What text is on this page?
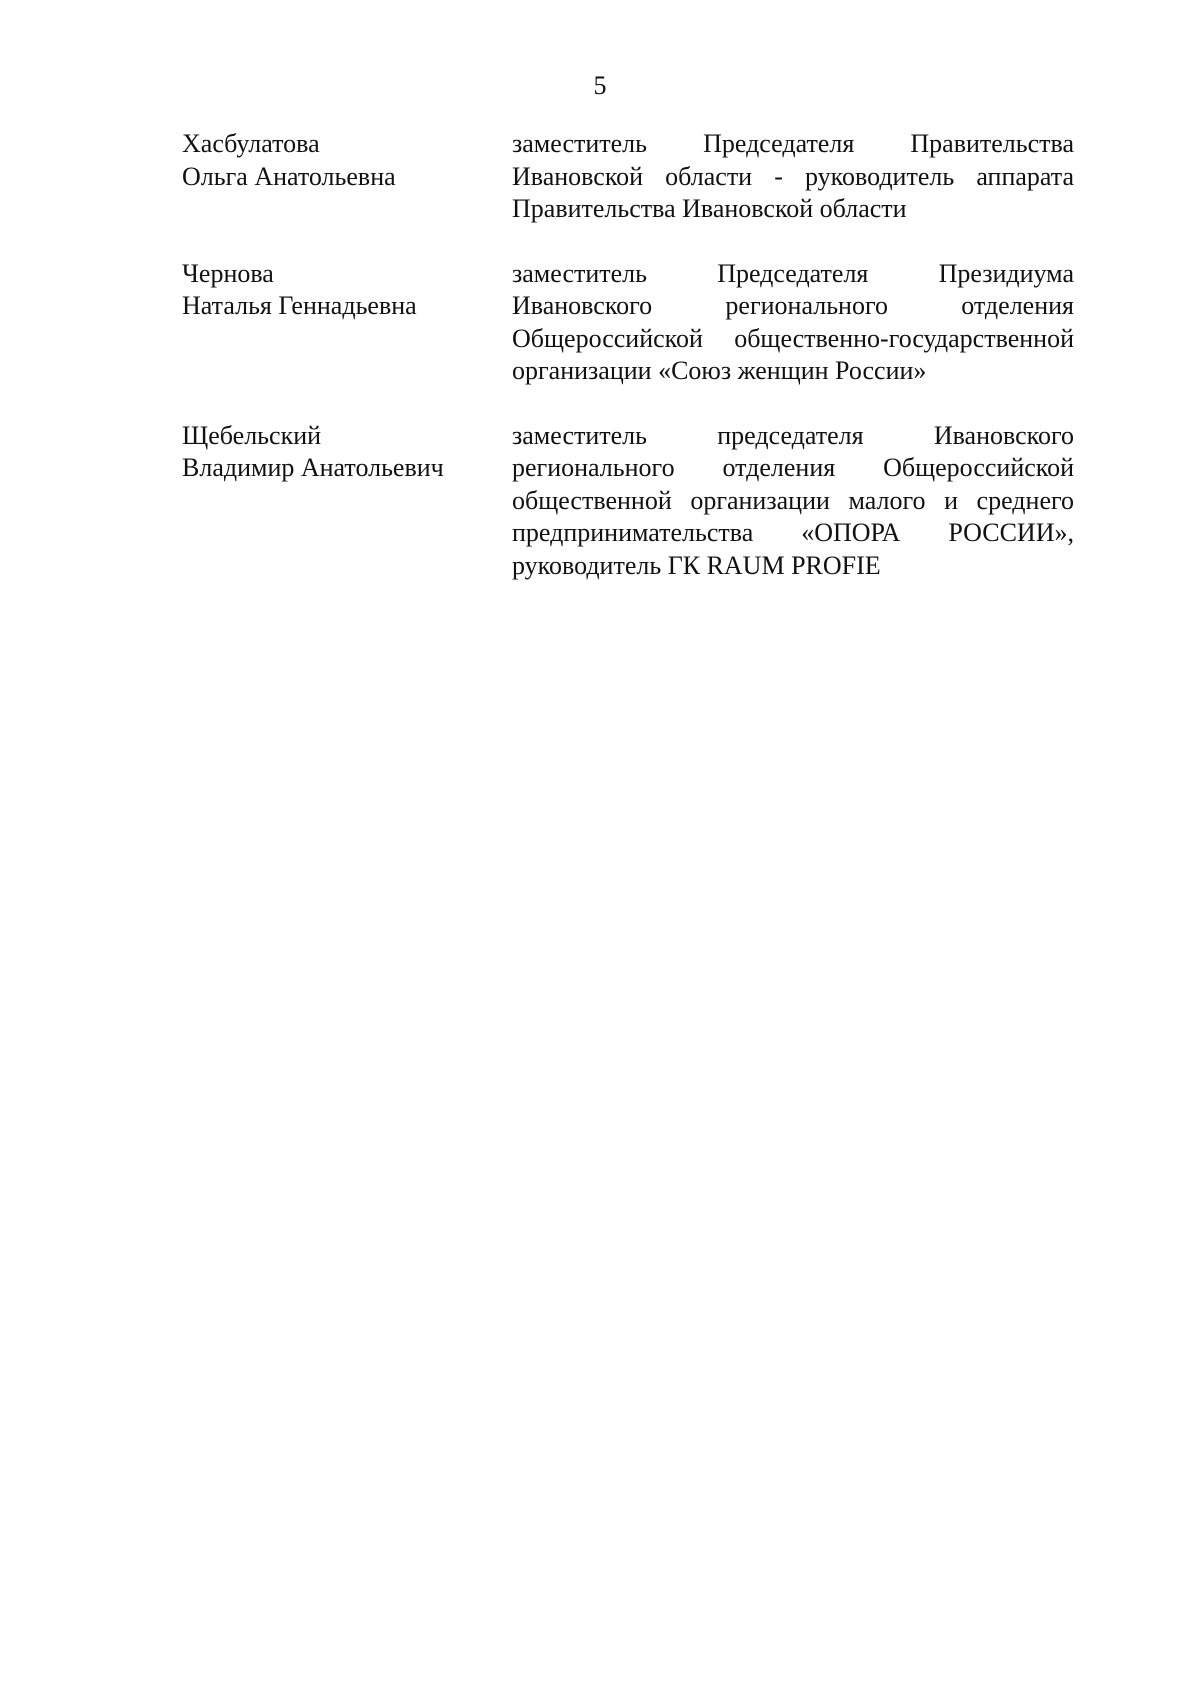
5
Хасбулатова
Ольга Анатольевна
заместитель Председателя Правительства Ивановской области - руководитель аппарата Правительства Ивановской области
Чернова
Наталья Геннадьевна
заместитель Председателя Президиума Ивановского регионального отделения Общероссийской общественно-государственной организации «Союз женщин России»
Щебельский
Владимир Анатольевич
заместитель председателя Ивановского регионального отделения Общероссийской общественной организации малого и среднего предпринимательства «ОПОРА РОССИИ», руководитель ГК RAUM PROFIE
